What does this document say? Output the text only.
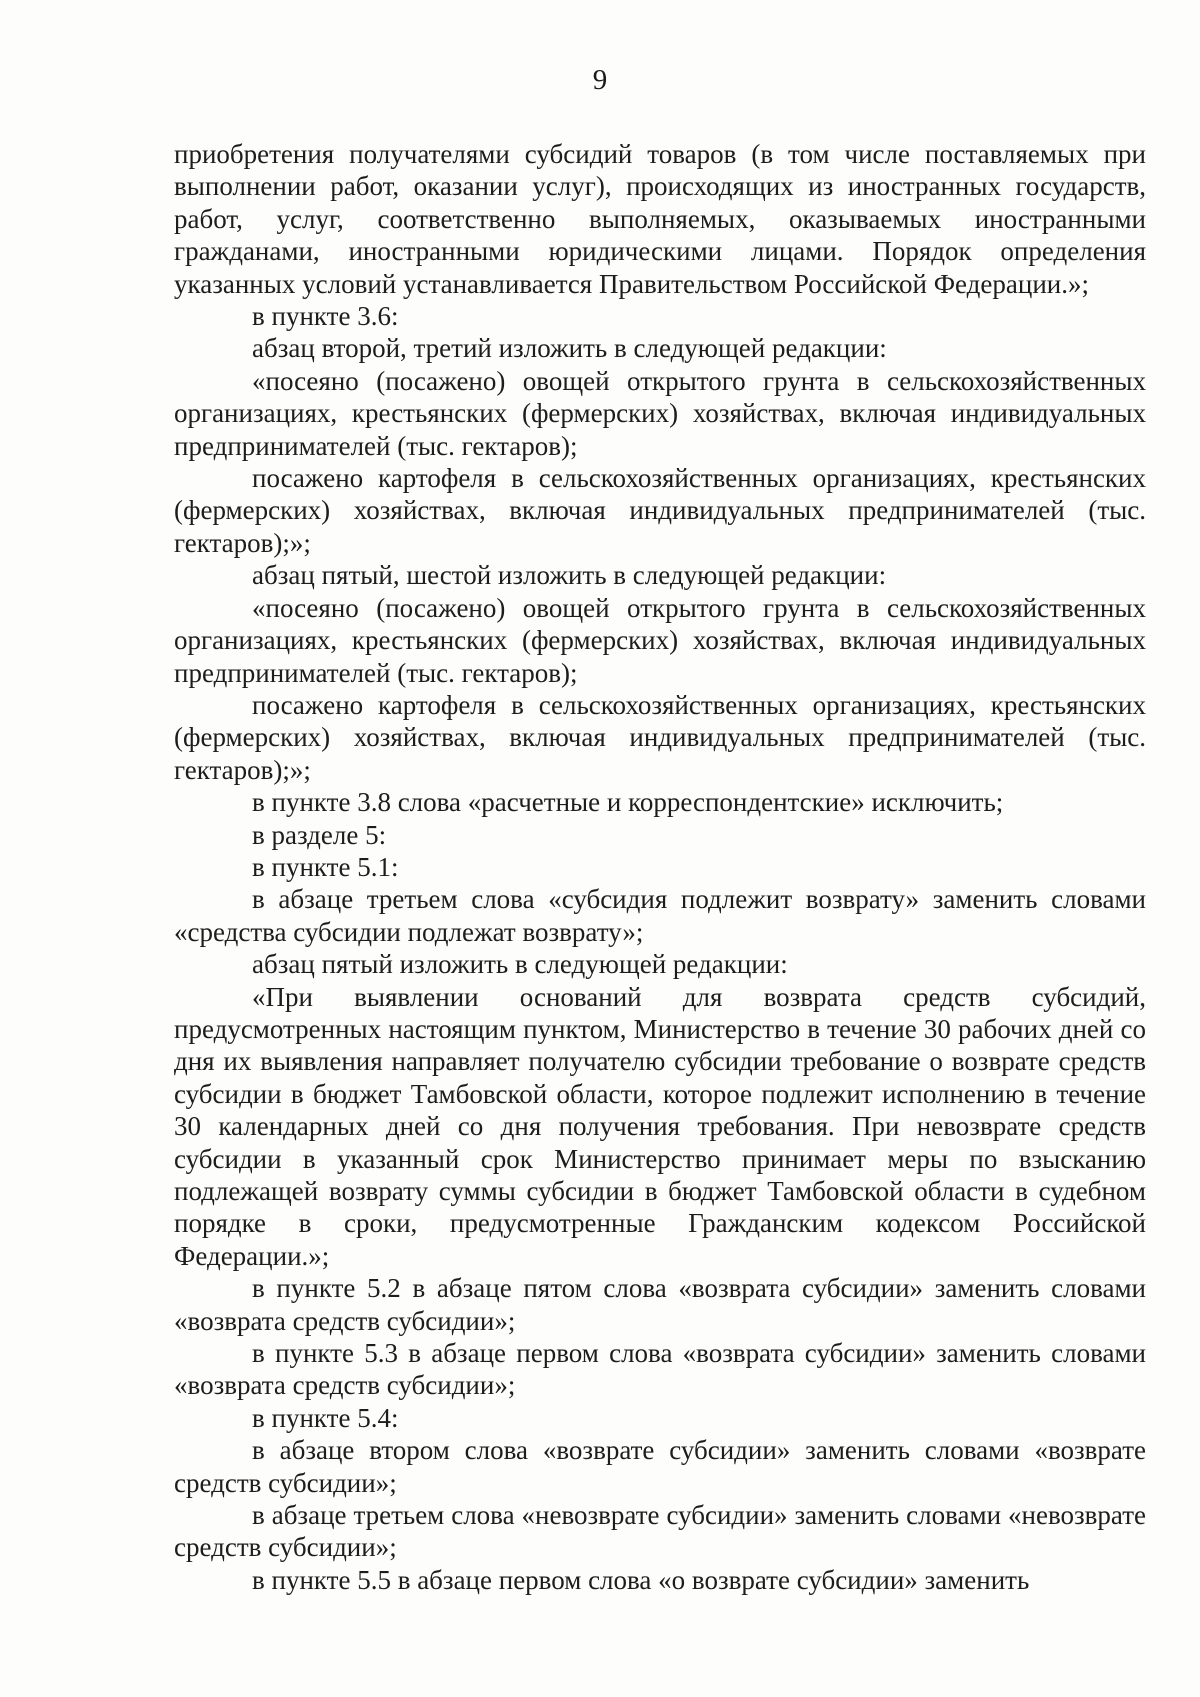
9

приобретения получателями субсидий товаров (в том числе поставляемых при выполнении работ, оказании услуг), происходящих из иностранных государств, работ, услуг, соответственно выполняемых, оказываемых иностранными гражданами, иностранными юридическими лицами. Порядок определения указанных условий устанавливается Правительством Российской Федерации.»;

в пункте 3.6:

абзац второй, третий изложить в следующей редакции:

«посеяно (посажено) овощей открытого грунта в сельскохозяйственных организациях, крестьянских (фермерских) хозяйствах, включая индивидуальных предпринимателей (тыс. гектаров);

посажено картофеля в сельскохозяйственных организациях, крестьянских (фермерских) хозяйствах, включая индивидуальных предпринимателей (тыс. гектаров);»;

абзац пятый, шестой изложить в следующей редакции:

«посеяно (посажено) овощей открытого грунта в сельскохозяйственных организациях, крестьянских (фермерских) хозяйствах, включая индивидуальных предпринимателей (тыс. гектаров);

посажено картофеля в сельскохозяйственных организациях, крестьянских (фермерских) хозяйствах, включая индивидуальных предпринимателей (тыс. гектаров);»;

в пункте 3.8 слова «расчетные и корреспондентские» исключить;

в разделе 5:

в пункте 5.1:

в абзаце третьем слова «субсидия подлежит возврату» заменить словами «средства субсидии подлежат возврату»;

абзац пятый изложить в следующей редакции:

«При выявлении оснований для возврата средств субсидий, предусмотренных настоящим пунктом, Министерство в течение 30 рабочих дней со дня их выявления направляет получателю субсидии требование о возврате средств субсидии в бюджет Тамбовской области, которое подлежит исполнению в течение 30 календарных дней со дня получения требования. При невозврате средств субсидии в указанный срок Министерство принимает меры по взысканию подлежащей возврату суммы субсидии в бюджет Тамбовской области в судебном порядке в сроки, предусмотренные Гражданским кодексом Российской Федерации.»;

в пункте 5.2 в абзаце пятом слова «возврата субсидии» заменить словами «возврата средств субсидии»;

в пункте 5.3 в абзаце первом слова «возврата субсидии» заменить словами «возврата средств субсидии»;

в пункте 5.4:

в абзаце втором слова «возврате субсидии» заменить словами «возврате средств субсидии»;

в абзаце третьем слова «невозврате субсидии» заменить словами «невозврате средств субсидии»;

в пункте 5.5 в абзаце первом слова «о возврате субсидии» заменить
